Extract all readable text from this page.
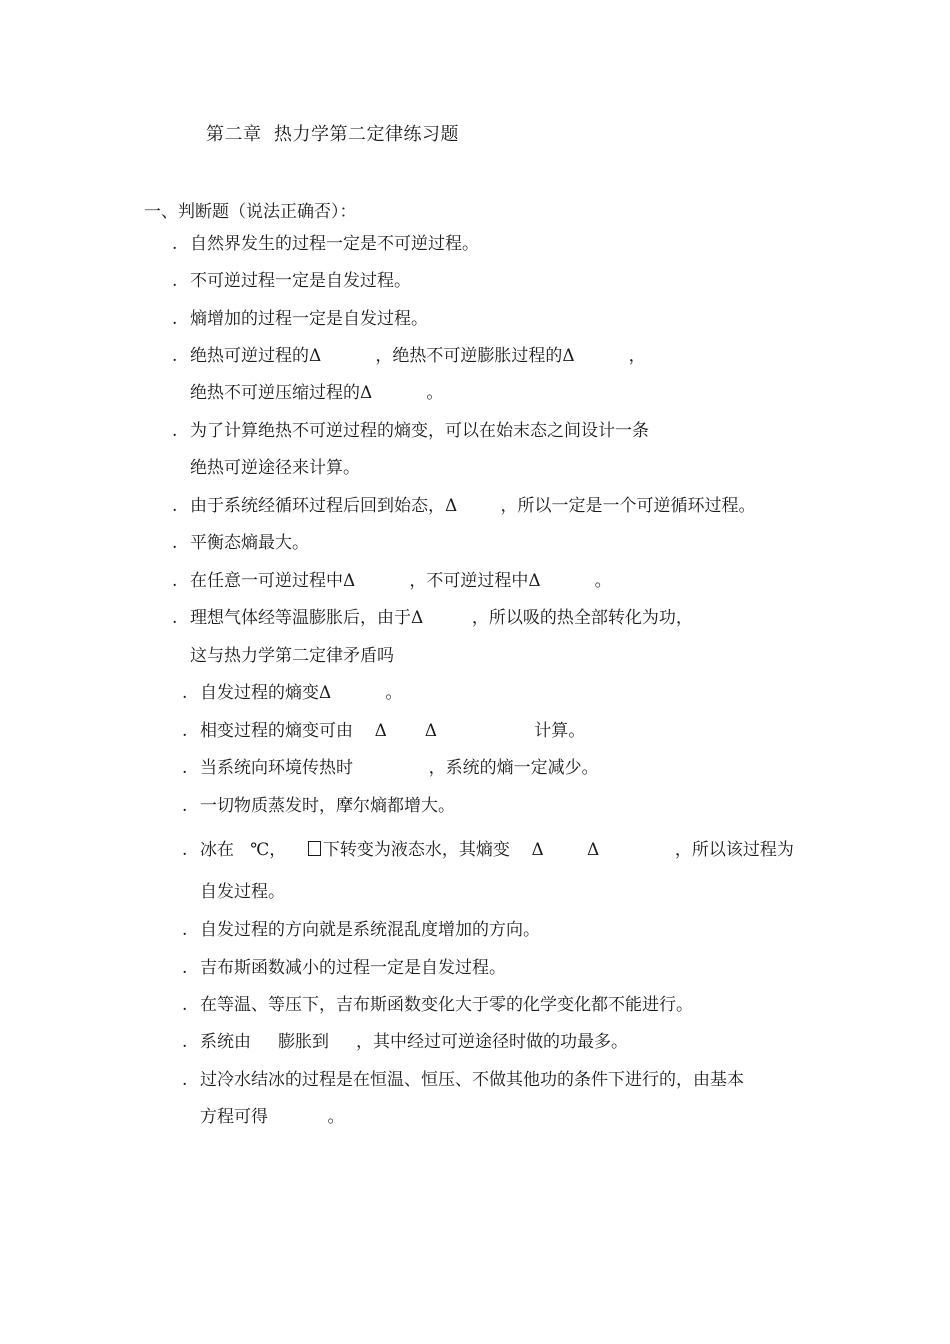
第二章  热力学第二定律练习题
一、判断题（说法正确否）：
. 自然界发生的过程一定是不可逆过程。
. 不可逆过程一定是自发过程。
. 熵增加的过程一定是自发过程。
. 绝热可逆过程的Δ          ，绝热不可逆膨胀过程的Δ          ，
绝热不可逆压缩过程的Δ          。
. 为了计算绝热不可逆过程的熵变，可以在始末态之间设计一条
绝热可逆途径来计算。
. 由于系统经循环过程后回到始态，Δ        ，所以一定是一个可逆循环过程。
. 平衡态熵最大。
. 在任意一可逆过程中Δ          ，不可逆过程中Δ          。
. 理想气体经等温膨胀后，由于Δ         ，所以吸的热全部转化为功，
这与热力学第二定律矛盾吗
. 自发过程的熵变Δ          。
. 相变过程的熵变可由    Δ       Δ                  计算。
. 当系统向环境传热时              ，系统的熵一定减少。
. 一切物质蒸发时，摩尔熵都增大。
. 冰在   ℃，    下转变为液态水，其熵变    Δ        Δ              ，所以该过程为
自发过程。
. 自发过程的方向就是系统混乱度增加的方向。
. 吉布斯函数减小的过程一定是自发过程。
. 在等温、等压下，吉布斯函数变化大于零的化学变化都不能进行。
. 系统由     膨胀到     ，其中经过可逆途径时做的功最多。
. 过冷水结冰的过程是在恒温、恒压、不做其他功的条件下进行的，由基本
方程可得           。
